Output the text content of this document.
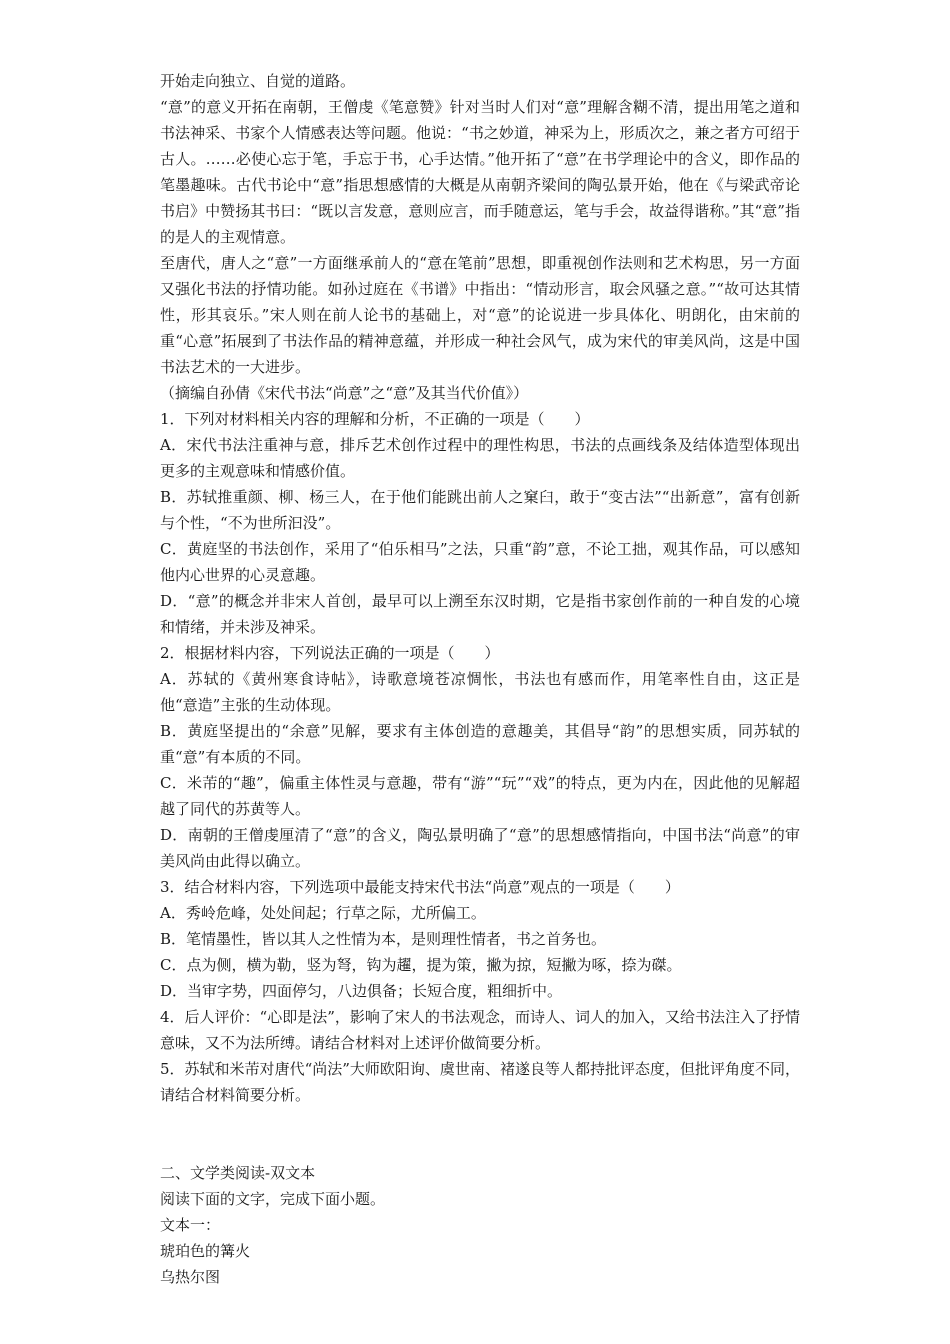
开始走向独立、自觉的道路。

“意”的意义开拓在南朝，王僧虔《笔意赞》针对当时人们对“意”理解含糊不清，提出用笔之道和书法神采、书家个人情感表达等问题。他说：“书之妙道，神采为上，形质次之，兼之者方可绍于古人。……必使心忘于笔，手忘于书，心手达情。”他开拓了“意”在书学理论中的含义，即作品的笔墨趣味。古代书论中“意”指思想感情的大概是从南朝齐梁间的陶弘景开始，他在《与梁武帝论书启》中赞扬其书曰：“既以言发意，意则应言，而手随意运，笔与手会，故益得谐称。”其“意”指的是人的主观情意。

至唐代，唐人之“意”一方面继承前人的“意在笔前”思想，即重视创作法则和艺术构思，另一方面又强化书法的抒情功能。如孙过庭在《书谱》中指出：“情动形言，取会风骚之意。”“故可达其情性，形其哀乐。”宋人则在前人论书的基础上，对“意”的论说进一步具体化、明朗化，由宋前的重“心意”拓展到了书法作品的精神意蕴，并形成一种社会风气，成为宋代的审美风尚，这是中国书法艺术的一大进步。

（摘编自孙倩《宋代书法“尚意”之“意”及其当代价值》）

1．下列对材料相关内容的理解和分析，不正确的一项是（　　）

A．宋代书法注重神与意，排斥艺术创作过程中的理性构思，书法的点画线条及结体造型体现出更多的主观意味和情感价值。

B．苏轼推重颜、柳、杨三人，在于他们能跳出前人之窠臼，敢于“变古法”“出新意”，富有创新与个性，“不为世所汩没”。

C．黄庭坚的书法创作，采用了“伯乐相马”之法，只重“韵”意，不论工拙，观其作品，可以感知他内心世界的心灵意趣。

D．“意”的概念并非宋人首创，最早可以上溯至东汉时期，它是指书家创作前的一种自发的心境和情绪，并未涉及神采。

2．根据材料内容，下列说法正确的一项是（　　）

A．苏轼的《黄州寒食诗帖》，诗歌意境苍凉惆怅，书法也有感而作，用笔率性自由，这正是他“意造”主张的生动体现。

B．黄庭坚提出的“余意”见解，要求有主体创造的意趣美，其倡导“韵”的思想实质，同苏轼的重“意”有本质的不同。

C．米芾的“趣”，偏重主体性灵与意趣，带有“游”“玩”“戏”的特点，更为内在，因此他的见解超越了同代的苏黄等人。

D．南朝的王僧虔厘清了“意”的含义，陶弘景明确了“意”的思想感情指向，中国书法“尚意”的审美风尚由此得以确立。

3．结合材料内容，下列选项中最能支持宋代书法“尚意”观点的一项是（　　）

A．秀岭危峰，处处间起；行草之际，尤所偏工。

B．笔情墨性，皆以其人之性情为本，是则理性情者，书之首务也。

C．点为侧，横为勒，竖为弩，钩为趯，提为策，撇为掠，短撇为啄，捺为磔。

D．当审字势，四面停匀，八边俱备；长短合度，粗细折中。

4．后人评价：“心即是法”，影响了宋人的书法观念，而诗人、词人的加入，又给书法注入了抒情意味，又不为法所缚。请结合材料对上述评价做简要分析。

5．苏轼和米芾对唐代“尚法”大师欧阳询、虞世南、褚遂良等人都持批评态度，但批评角度不同，请结合材料简要分析。

二、文学类阅读-双文本

阅读下面的文字，完成下面小题。

文本一：

琥珀色的篝火

乌热尔图
